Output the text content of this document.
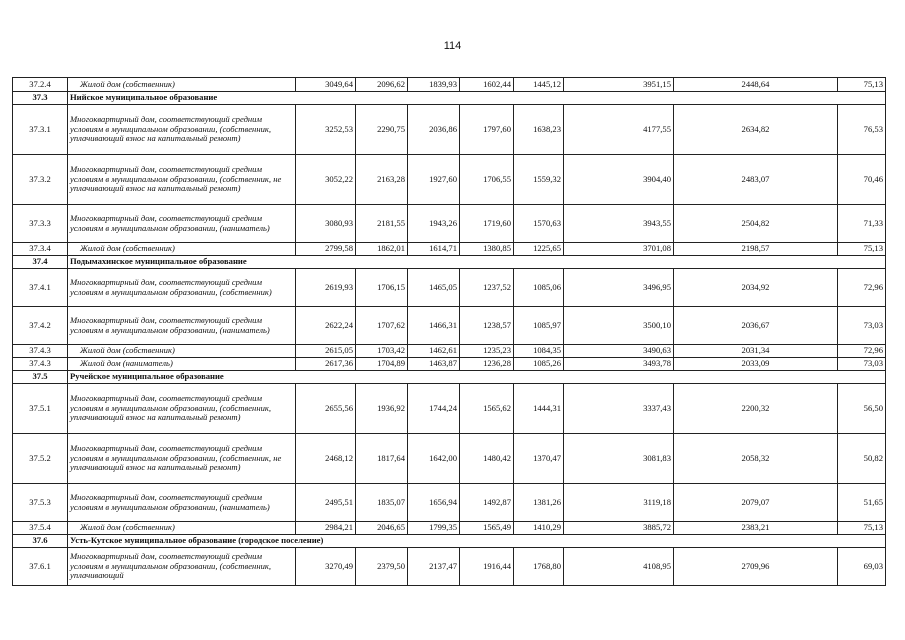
114
37.2.4	Жилой дом (собственник)	3049,64	2096,62	1839,93	1602,44	1445,12	3951,15	2448,64	75,13
37.3	Нийское муниципальное образование								
37.3.1	Многоквартирный дом, соответствующий средним условиям в муниципальном образовании, (собственник, уплачивающий взнос на капитальный ремонт)	3252,53	2290,75	2036,86	1797,60	1638,23	4177,55	2634,82	76,53
37.3.2	Многоквартирный дом, соответствующий средним условиям в муниципальном образовании, (собственник, не уплачивающий взнос на капитальный ремонт)	3052,22	2163,28	1927,60	1706,55	1559,32	3904,40	2483,07	70,46
37.3.3	Многоквартирный дом, соответствующий средним условиям в муниципальном образовании, (наниматель)	3080,93	2181,55	1943,26	1719,60	1570,63	3943,55	2504,82	71,33
37.3.4	Жилой дом (собственник)	2799,58	1862,01	1614,71	1380,85	1225,65	3701,08	2198,57	75,13
37.4	Подымахинское муниципальное образование								
37.4.1	Многоквартирный дом, соответствующий средним условиям в муниципальном образовании, (собственник)	2619,93	1706,15	1465,05	1237,52	1085,06	3496,95	2034,92	72,96
37.4.2	Многоквартирный дом, соответствующий средним условиям в муниципальном образовании, (наниматель)	2622,24	1707,62	1466,31	1238,57	1085,97	3500,10	2036,67	73,03
37.4.3	Жилой дом (собственник)	2615,05	1703,42	1462,61	1235,23	1084,35	3490,63	2031,34	72,96
37.4.3	Жилой дом (наниматель)	2617,36	1704,89	1463,87	1236,28	1085,26	3493,78	2033,09	73,03
37.5	Ручейское муниципальное образование								
37.5.1	Многоквартирный дом, соответствующий средним условиям в муниципальном образовании, (собственник, уплачивающий взнос на капитальный ремонт)	2655,56	1936,92	1744,24	1565,62	1444,31	3337,43	2200,32	56,50
37.5.2	Многоквартирный дом, соответствующий средним условиям в муниципальном образовании, (собственник, не уплачивающий взнос на капитальный ремонт)	2468,12	1817,64	1642,00	1480,42	1370,47	3081,83	2058,32	50,82
37.5.3	Многоквартирный дом, соответствующий средним условиям в муниципальном образовании, (наниматель)	2495,51	1835,07	1656,94	1492,87	1381,26	3119,18	2079,07	51,65
37.5.4	Жилой дом (собственник)	2984,21	2046,65	1799,35	1565,49	1410,29	3885,72	2383,21	75,13
37.6	Усть-Кутское муниципальное образование (городское поселение)								
37.6.1	Многоквартирный дом, соответствующий средним условиям в муниципальном образовании, (собственник, уплачивающий	3270,49	2379,50	2137,47	1916,44	1768,80	4108,95	2709,96	69,03
